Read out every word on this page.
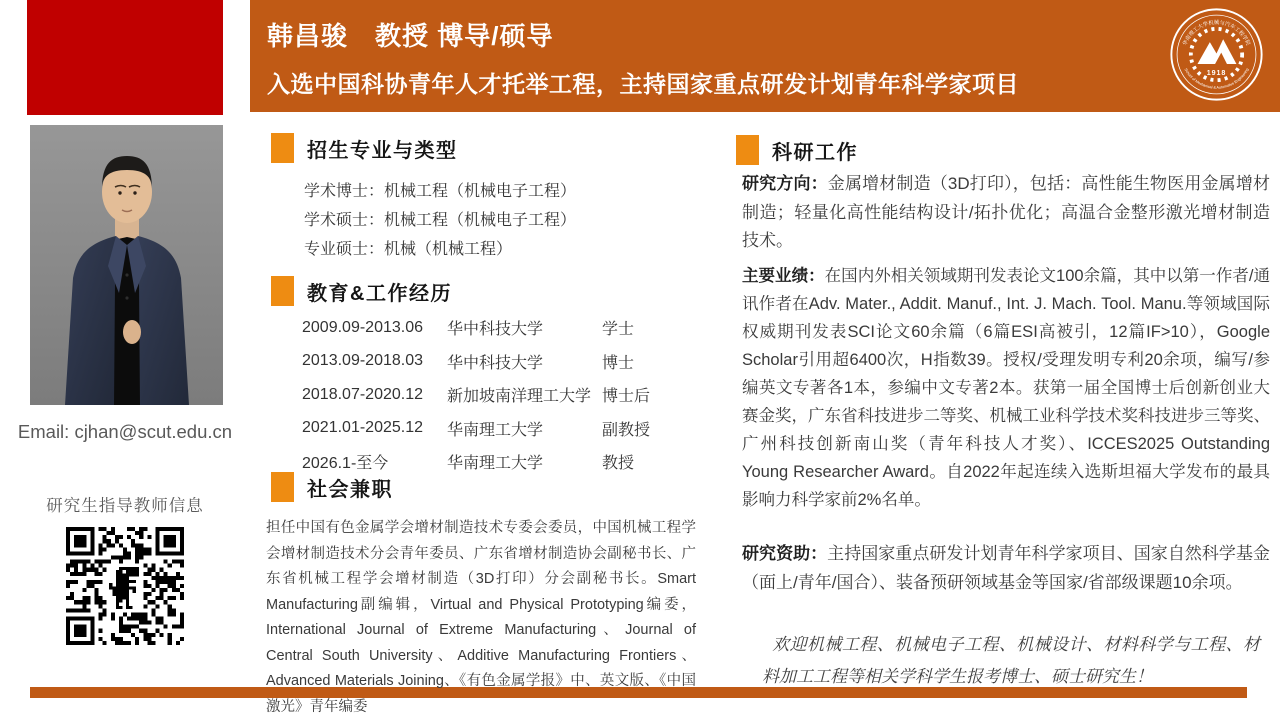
Email: cjhan@scut.edu.cn
研究生指导教师信息
韩昌骏　教授 博导/硕导
入选中国科协青年人才托举工程，主持国家重点研发计划青年科学家项目	1918
华南理工大学机械与汽车工程学院
School of Mechanical & Automotive Engineering
招生专业与类型
学术博士：机械工程（机械电子工程）
学术硕士：机械工程（机械电子工程）
专业硕士：机械（机械工程）
教育&工作经历
2009.09-2013.06	华中科技大学	学士
2013.09-2018.03	华中科技大学	博士
2018.07-2020.12	新加坡南洋理工大学 博士后
2021.01-2025.12	华南理工大学	副教授
2026.1-至今	华南理工大学	教授
社会兼职
担任中国有色金属学会增材制造技术专委会委员，中国机械工程学会增材制造技术分会青年委员、广东省增材制造协会副秘书长、广东省机械工程学会增材制造（3D打印）分会副秘书长。Smart Manufacturing副编辑，Virtual and Physical Prototyping编委，International Journal of Extreme Manufacturing、Journal of Central South University、Additive Manufacturing Frontiers、Advanced Materials Joining、《有色金属学报》中、英文版、《中国激光》青年编委
科研工作
研究方向：金属增材制造（3D打印），包括：高性能生物医用金属增材制造；轻量化高性能结构设计/拓扑优化；高温合金整形激光增材制造技术。
主要业绩：在国内外相关领域期刊发表论文100余篇，其中以第一作者/通讯作者在Adv. Mater., Addit. Manuf., Int. J. Mach. Tool. Manu.等领域国际权威期刊发表SCI论文60余篇（6篇ESI高被引，12篇IF>10），Google Scholar引用超6400次，H指数39。授权/受理发明专利20余项，编写/参编英文专著各1本，参编中文专著2本。获第一届全国博士后创新创业大赛金奖，广东省科技进步二等奖、机械工业科学技术奖科技进步三等奖、广州科技创新南山奖（青年科技人才奖）、ICCES2025 Outstanding Young Researcher Award。自2022年起连续入选斯坦福大学发布的最具影响力科学家前2%名单。
研究资助：主持国家重点研发计划青年科学家项目、国家自然科学基金（面上/青年/国合）、装备预研领域基金等国家/省部级课题10余项。
欢迎机械工程、机械电子工程、机械设计、材料科学与工程、材料加工工程等相关学科学生报考博士、硕士研究生！
